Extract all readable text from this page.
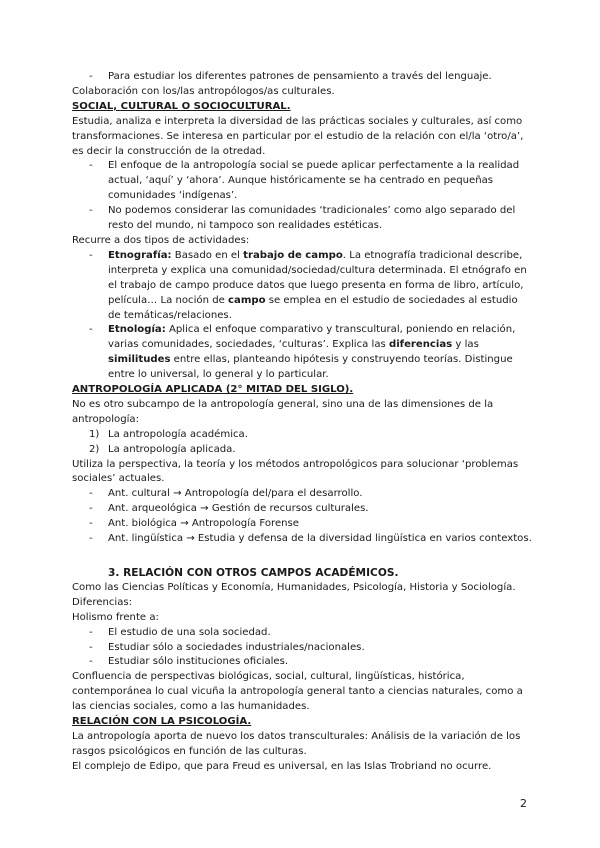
- Para estudiar los diferentes patrones de pensamiento a través del lenguaje.

Colaboración con los/las antropólogos/as culturales.

SOCIAL, CULTURAL O SOCIOCULTURAL.

Estudia, analiza e interpreta la diversidad de las prácticas sociales y culturales, así como transformaciones. Se interesa en particular por el estudio de la relación con el/la ‘otro/a’, es decir la construcción de la otredad.

- El enfoque de la antropología social se puede aplicar perfectamente a la realidad actual, ‘aquí’ y ‘ahora’. Aunque históricamente se ha centrado en pequeñas comunidades ‘indígenas’.
- No podemos considerar las comunidades ‘tradicionales’ como algo separado del resto del mundo, ni tampoco son realidades estéticas.

Recurre a dos tipos de actividades:

- Etnografía: Basado en el trabajo de campo. La etnografía tradicional describe, interpreta y explica una comunidad/sociedad/cultura determinada. El etnógrafo en el trabajo de campo produce datos que luego presenta en forma de libro, artículo, película… La noción de campo se emplea en el estudio de sociedades al estudio de temáticas/relaciones.
- Etnología: Aplica el enfoque comparativo y transcultural, poniendo en relación, varias comunidades, sociedades, ‘culturas’. Explica las diferencias y las similitudes entre ellas, planteando hipótesis y construyendo teorías. Distingue entre lo universal, lo general y lo particular.

ANTROPOLOGÍA APLICADA (2° MITAD DEL SIGLO).

No es otro subcampo de la antropología general, sino una de las dimensiones de la antropología:

1) La antropología académica.
2) La antropología aplicada.

Utiliza la perspectiva, la teoría y los métodos antropológicos para solucionar ‘problemas sociales’ actuales.

- Ant. cultural → Antropología del/para el desarrollo.
- Ant. arqueológica → Gestión de recursos culturales.
- Ant. biológica → Antropología Forense
- Ant. lingüística → Estudia y defensa de la diversidad lingüística en varios contextos.

3. RELACIÓN CON OTROS CAMPOS ACADÉMICOS.

Como las Ciencias Políticas y Economía, Humanidades, Psicología, Historia y Sociología.

Diferencias:

Holismo frente a:

- El estudio de una sola sociedad.
- Estudiar sólo a sociedades industriales/nacionales.
- Estudiar sólo instituciones oficiales.

Confluencia de perspectivas biológicas, social, cultural, lingüísticas, histórica, contemporánea lo cual vicuña la antropología general tanto a ciencias naturales, como a las ciencias sociales, como a las humanidades.

RELACIÓN CON LA PSICOLOGÍA.

La antropología aporta de nuevo los datos transculturales: Análisis de la variación de los rasgos psicológicos en función de las culturas.

El complejo de Edipo, que para Freud es universal, en las Islas Trobriand no ocurre.

2
